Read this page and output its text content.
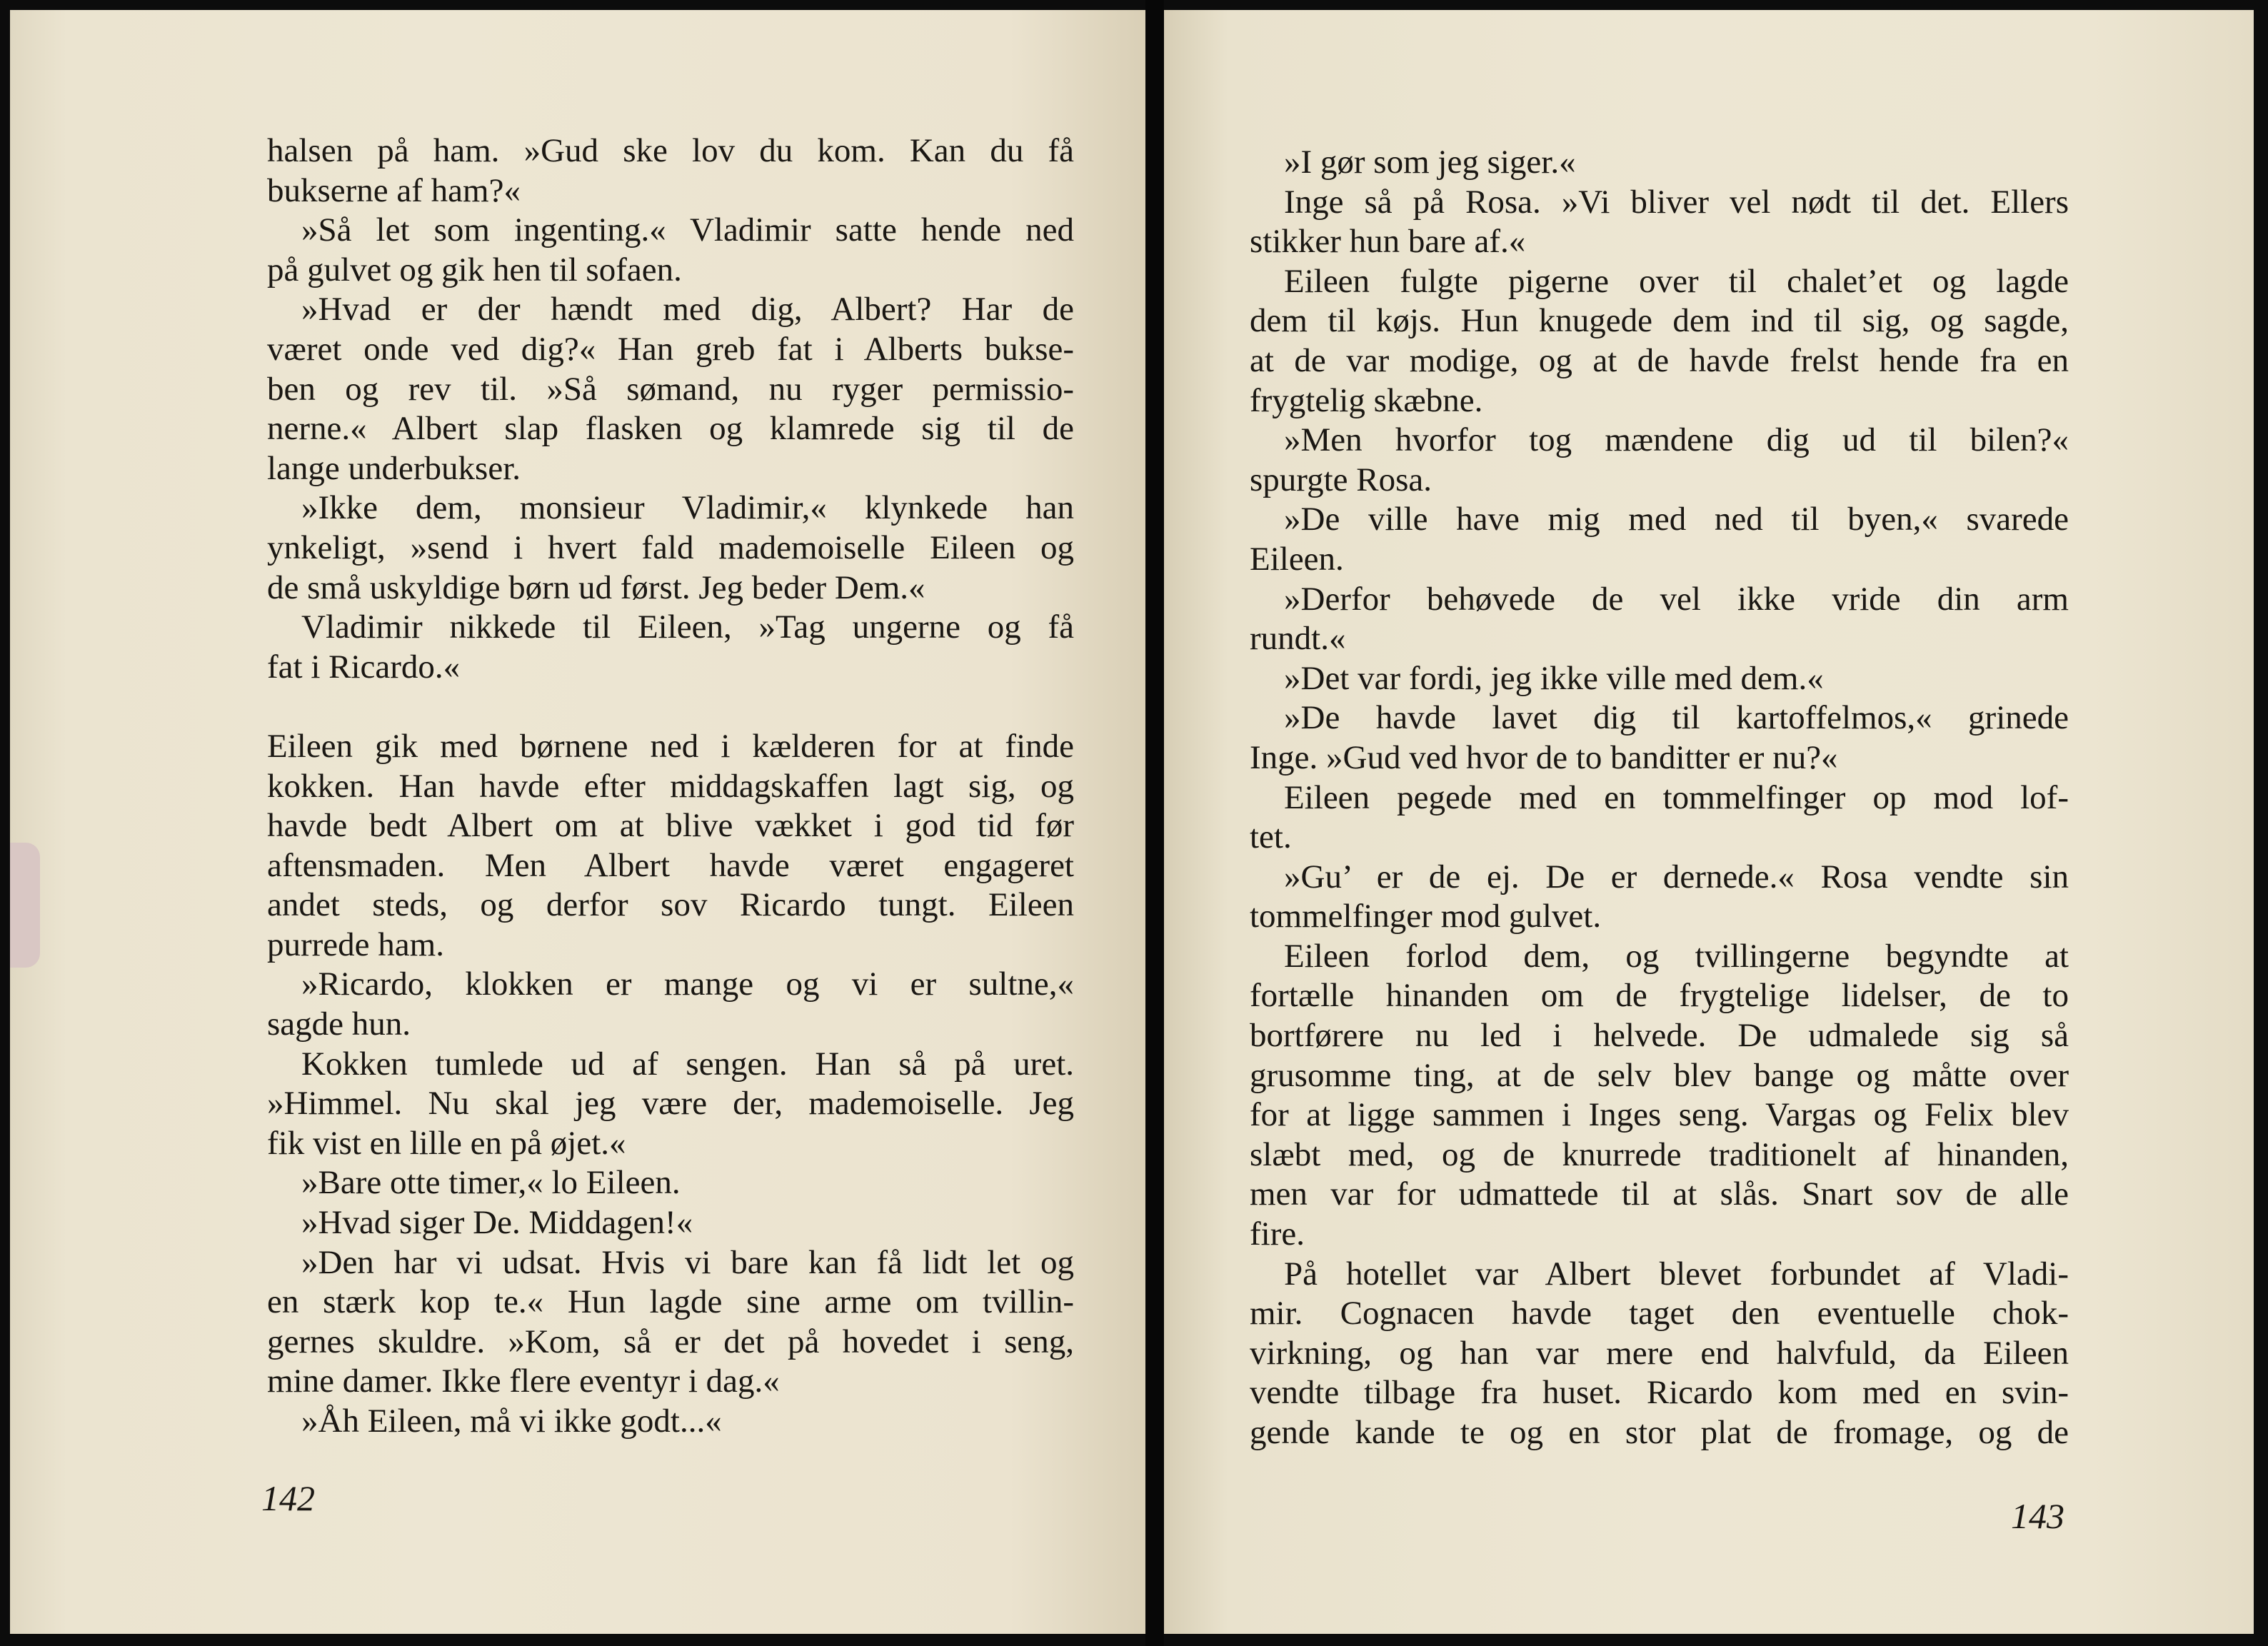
halsen på ham. »Gud ske lov du kom. Kan du få
bukserne af ham?«
»Så let som ingenting.« Vladimir satte hende ned
på gulvet og gik hen til sofaen.
»Hvad er der hændt med dig, Albert? Har de
været onde ved dig?« Han greb fat i Alberts bukse-
ben og rev til. »Så sømand, nu ryger permissio-
nerne.« Albert slap flasken og klamrede sig til de
lange underbukser.
»Ikke dem, monsieur Vladimir,« klynkede han
ynkeligt, »send i hvert fald mademoiselle Eileen og
de små uskyldige børn ud først. Jeg beder Dem.«
Vladimir nikkede til Eileen, »Tag ungerne og få
fat i Ricardo.«
Eileen gik med børnene ned i kælderen for at finde
kokken. Han havde efter middagskaffen lagt sig, og
havde bedt Albert om at blive vækket i god tid før
aftensmaden. Men Albert havde været engageret
andet steds, og derfor sov Ricardo tungt. Eileen
purrede ham.
»Ricardo, klokken er mange og vi er sultne,«
sagde hun.
Kokken tumlede ud af sengen. Han så på uret.
»Himmel. Nu skal jeg være der, mademoiselle. Jeg
fik vist en lille en på øjet.«
»Bare otte timer,« lo Eileen.
»Hvad siger De. Middagen!«
»Den har vi udsat. Hvis vi bare kan få lidt let og
en stærk kop te.« Hun lagde sine arme om tvillin-
gernes skuldre. »Kom, så er det på hovedet i seng,
mine damer. Ikke flere eventyr i dag.«
»Åh Eileen, må vi ikke godt...«
142
»I gør som jeg siger.«
Inge så på Rosa. »Vi bliver vel nødt til det. Ellers
stikker hun bare af.«
Eileen fulgte pigerne over til chalet’et og lagde
dem til køjs. Hun knugede dem ind til sig, og sagde,
at de var modige, og at de havde frelst hende fra en
frygtelig skæbne.
»Men hvorfor tog mændene dig ud til bilen?«
spurgte Rosa.
»De ville have mig med ned til byen,« svarede
Eileen.
»Derfor behøvede de vel ikke vride din arm
rundt.«
»Det var fordi, jeg ikke ville med dem.«
»De havde lavet dig til kartoffelmos,« grinede
Inge. »Gud ved hvor de to banditter er nu?«
Eileen pegede med en tommelfinger op mod lof-
tet.
»Gu’ er de ej. De er dernede.« Rosa vendte sin
tommelfinger mod gulvet.
Eileen forlod dem, og tvillingerne begyndte at
fortælle hinanden om de frygtelige lidelser, de to
bortførere nu led i helvede. De udmalede sig så
grusomme ting, at de selv blev bange og måtte over
for at ligge sammen i Inges seng. Vargas og Felix blev
slæbt med, og de knurrede traditionelt af hinanden,
men var for udmattede til at slås. Snart sov de alle
fire.
På hotellet var Albert blevet forbundet af Vladi-
mir. Cognacen havde taget den eventuelle chok-
virkning, og han var mere end halvfuld, da Eileen
vendte tilbage fra huset. Ricardo kom med en svin-
gende kande te og en stor plat de fromage, og de
143
